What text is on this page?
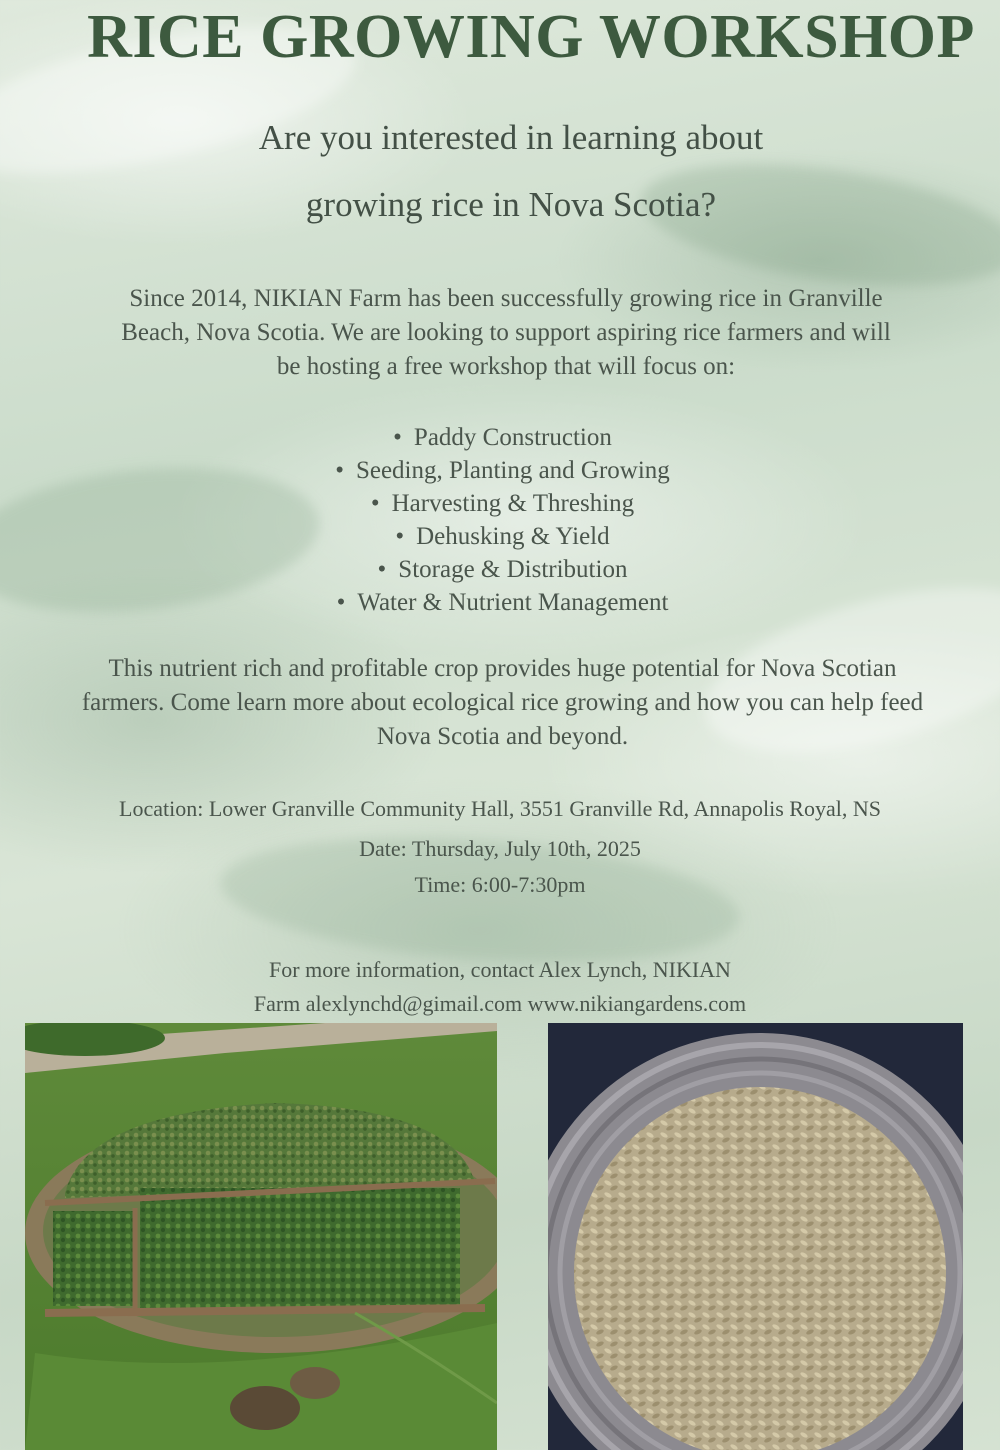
RICE GROWING WORKSHOP
Are you interested in learning about
growing rice in Nova Scotia?
Since 2014, NIKIAN Farm has been successfully growing rice in Granville
Beach, Nova Scotia. We are looking to support aspiring rice farmers and will
be hosting a free workshop that will focus on:
• Paddy Construction
• Seeding, Planting and Growing
• Harvesting & Threshing
• Dehusking & Yield
• Storage & Distribution
• Water & Nutrient Management
This nutrient rich and profitable crop provides huge potential for Nova Scotian
farmers. Come learn more about ecological rice growing and how you can help feed
Nova Scotia and beyond.
Location: Lower Granville Community Hall, 3551 Granville Rd, Annapolis Royal, NS
Date: Thursday, July 10th, 2025
Time: 6:00-7:30pm
For more information, contact Alex Lynch, NIKIAN
Farm alexlynchd@gimail.com www.nikiangardens.com
